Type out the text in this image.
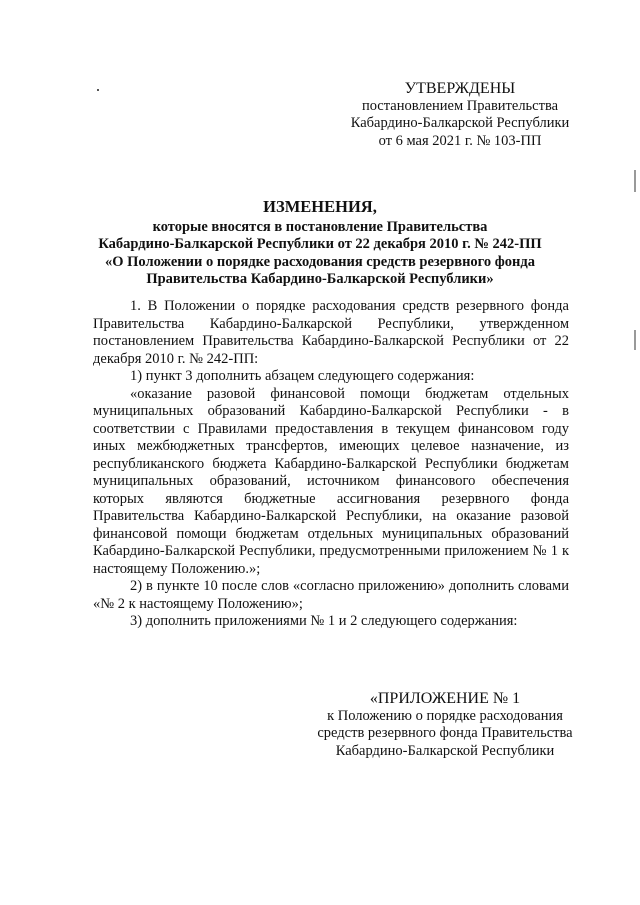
УТВЕРЖДЕНЫ
постановлением Правительства
Кабардино-Балкарской Республики
от 6 мая 2021 г. № 103-ПП
ИЗМЕНЕНИЯ,
которые вносятся в постановление Правительства
Кабардино-Балкарской Республики от 22 декабря 2010 г. № 242-ПП
«О Положении о порядке расходования средств резервного фонда
Правительства Кабардино-Балкарской Республики»

1. В Положении о порядке расходования средств резервного фонда Правительства Кабардино-Балкарской Республики, утвержденном постановлением Правительства Кабардино-Балкарской Республики от 22 декабря 2010 г. № 242-ПП:

1) пункт 3 дополнить абзацем следующего содержания:

«оказание разовой финансовой помощи бюджетам отдельных муниципальных образований Кабардино-Балкарской Республики - в соответствии с Правилами предоставления в текущем финансовом году иных межбюджетных трансфертов, имеющих целевое назначение, из республиканского бюджета Кабардино-Балкарской Республики бюджетам муниципальных образований, источником финансового обеспечения которых являются бюджетные ассигнования резервного фонда Правительства Кабардино-Балкарской Республики, на оказание разовой финансовой помощи бюджетам отдельных муниципальных образований Кабардино-Балкарской Республики, предусмотренными приложением № 1 к настоящему Положению.»;

2) в пункте 10 после слов «согласно приложению» дополнить словами «№ 2 к настоящему Положению»;

3) дополнить приложениями № 1 и 2 следующего содержания:

«ПРИЛОЖЕНИЕ № 1
к Положению о порядке расходования
средств резервного фонда Правительства
Кабардино-Балкарской Республики
